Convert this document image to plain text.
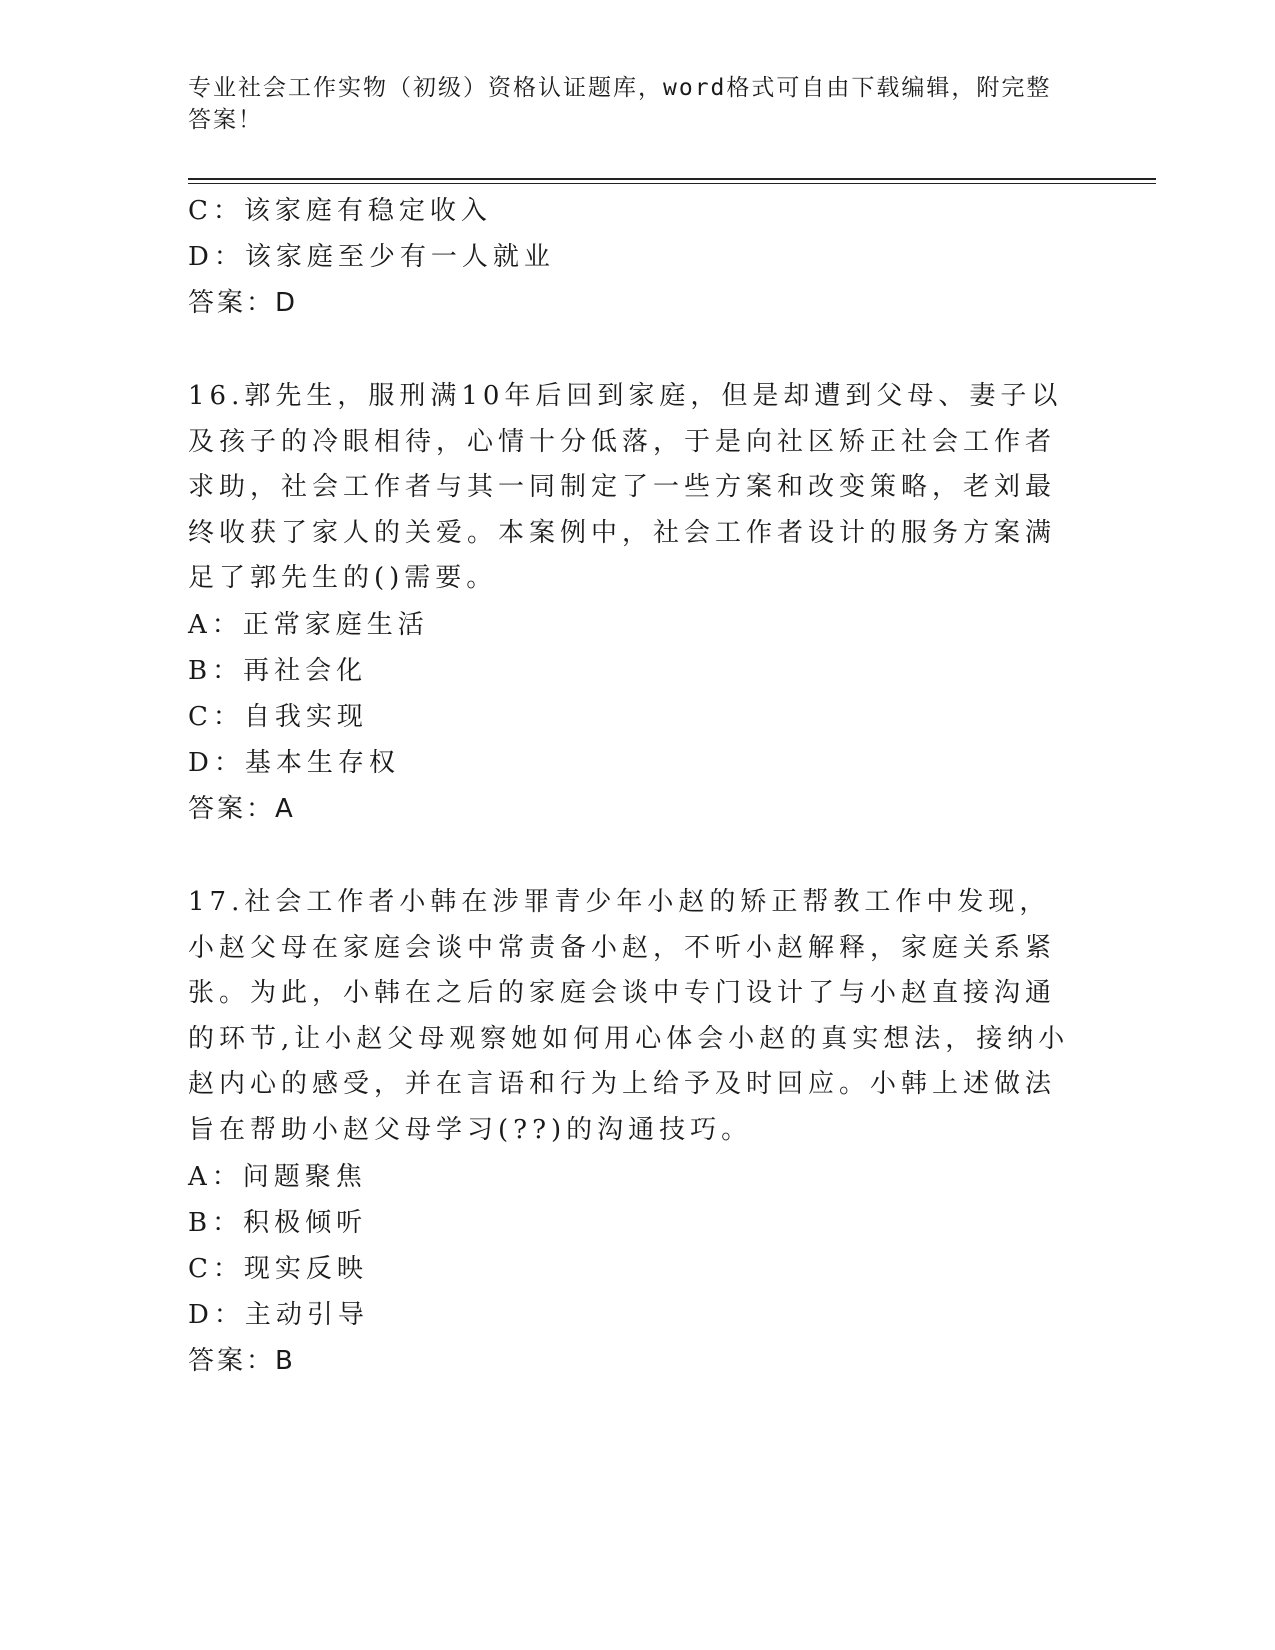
专业社会工作实物（初级）资格认证题库，word格式可自由下载编辑，附完整答案！
C：该家庭有稳定收入
D：该家庭至少有一人就业
答案：D
16.郭先生，服刑满10年后回到家庭，但是却遭到父母、妻子以及孩子的冷眼相待，心情十分低落，于是向社区矫正社会工作者求助，社会工作者与其一同制定了一些方案和改变策略，老刘最终收获了家人的关爱。本案例中，社会工作者设计的服务方案满足了郭先生的()需要。
A：正常家庭生活
B：再社会化
C：自我实现
D：基本生存权
答案：A
17.社会工作者小韩在涉罪青少年小赵的矫正帮教工作中发现，小赵父母在家庭会谈中常责备小赵，不听小赵解释，家庭关系紧张。为此，小韩在之后的家庭会谈中专门设计了与小赵直接沟通的环节,让小赵父母观察她如何用心体会小赵的真实想法，接纳小赵内心的感受，并在言语和行为上给予及时回应。小韩上述做法旨在帮助小赵父母学习(??)的沟通技巧。
A：问题聚焦
B：积极倾听
C：现实反映
D：主动引导
答案：B
